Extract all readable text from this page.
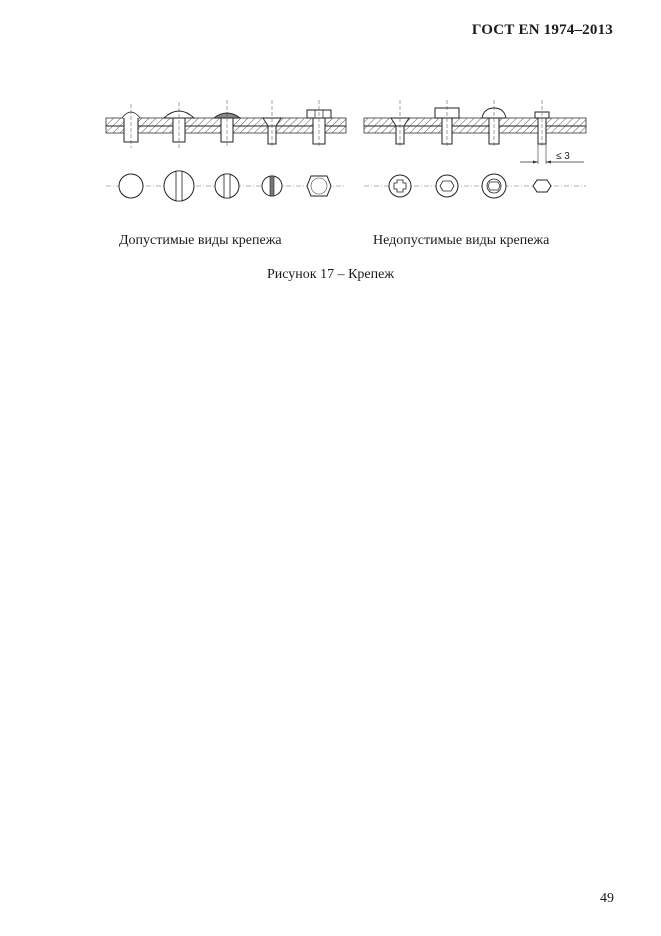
ГОСТ EN 1974–2013
≤ 3
Допустимые виды крепежа	Недопустимые виды крепежа
Рисунок 17 – Крепеж
49
